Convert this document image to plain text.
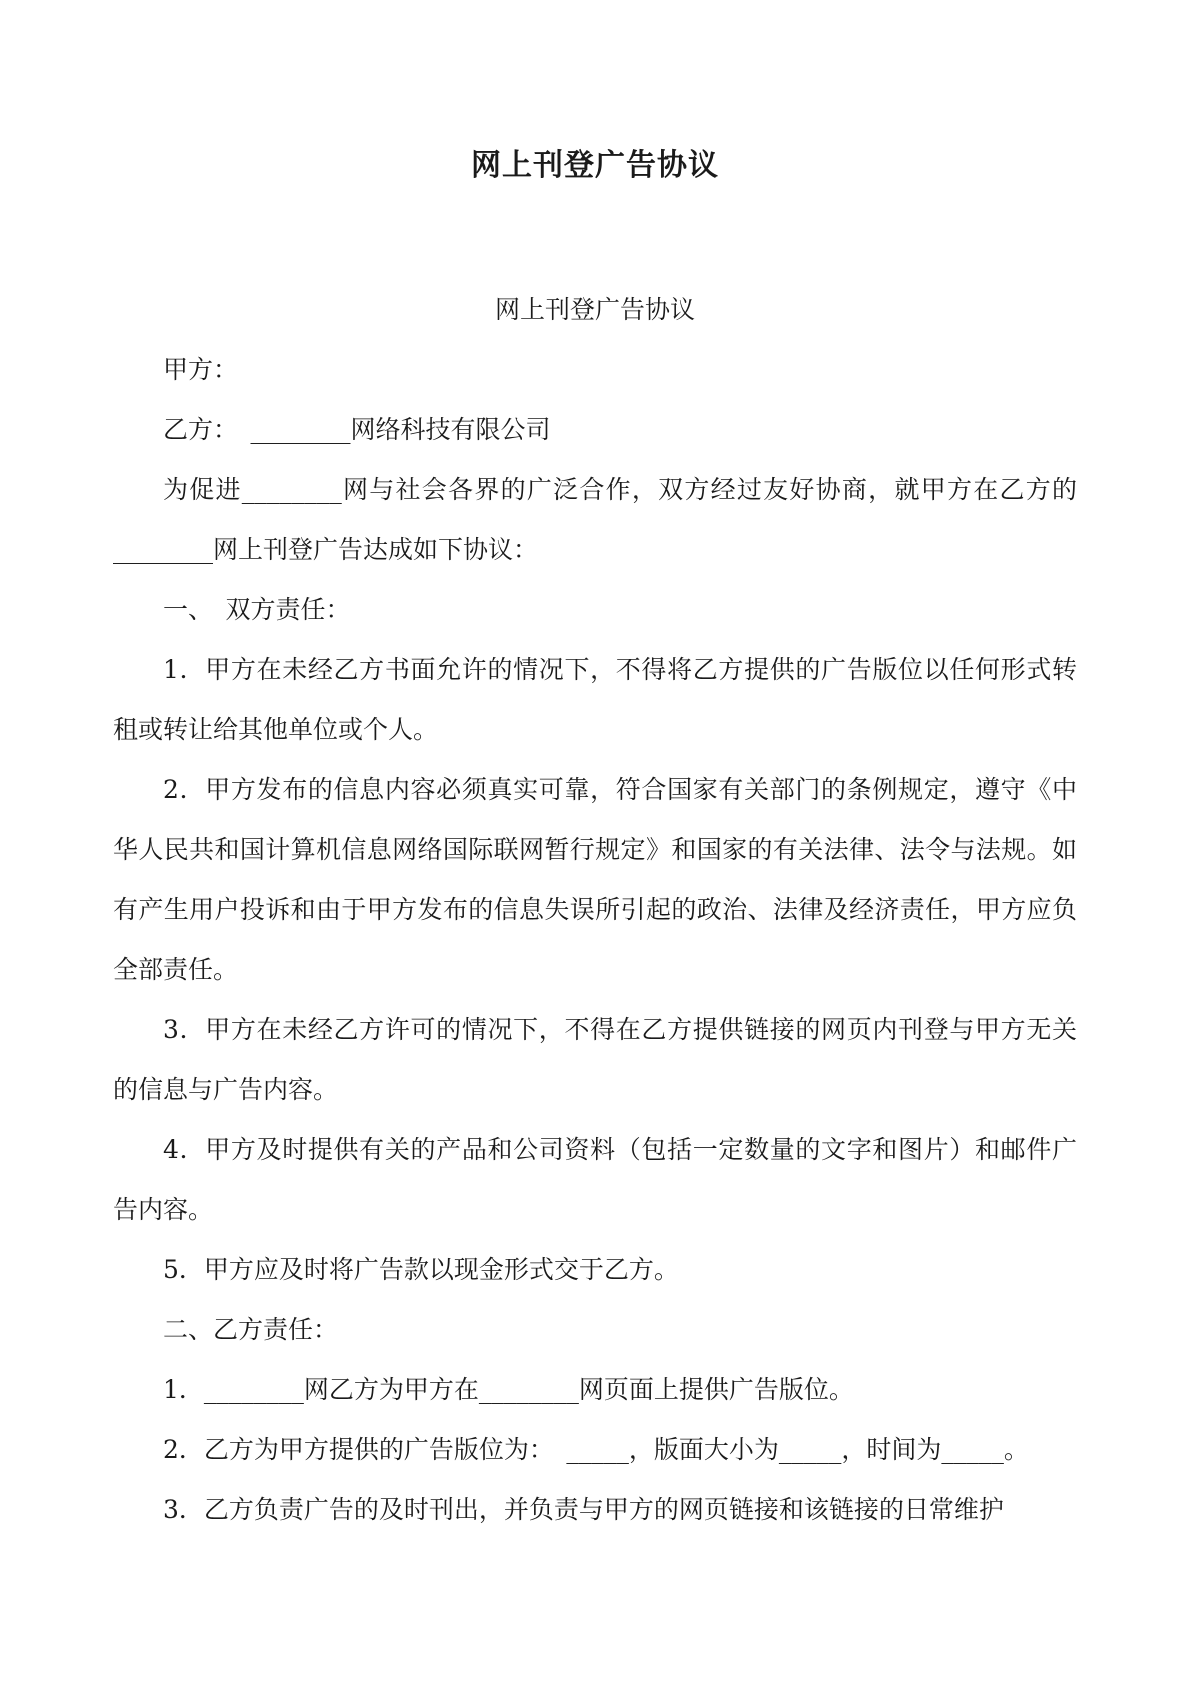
网上刊登广告协议

网上刊登广告协议

甲方：

乙方：　________网络科技有限公司

为促进________网与社会各界的广泛合作，双方经过友好协商，就甲方在乙方的________网上刊登广告达成如下协议：

一、　双方责任：

1．甲方在未经乙方书面允许的情况下，不得将乙方提供的广告版位以任何形式转租或转让给其他单位或个人。

2．甲方发布的信息内容必须真实可靠，符合国家有关部门的条例规定，遵守《中华人民共和国计算机信息网络国际联网暂行规定》和国家的有关法律、法令与法规。如有产生用户投诉和由于甲方发布的信息失误所引起的政治、法律及经济责任，甲方应负全部责任。

3．甲方在未经乙方许可的情况下，不得在乙方提供链接的网页内刊登与甲方无关的信息与广告内容。

4．甲方及时提供有关的产品和公司资料（包括一定数量的文字和图片）和邮件广告内容。

5．甲方应及时将广告款以现金形式交于乙方。

二、乙方责任：

1．________网乙方为甲方在________网页面上提供广告版位。

2．乙方为甲方提供的广告版位为：　_____，版面大小为_____，时间为_____。

3．乙方负责广告的及时刊出，并负责与甲方的网页链接和该链接的日常维护
